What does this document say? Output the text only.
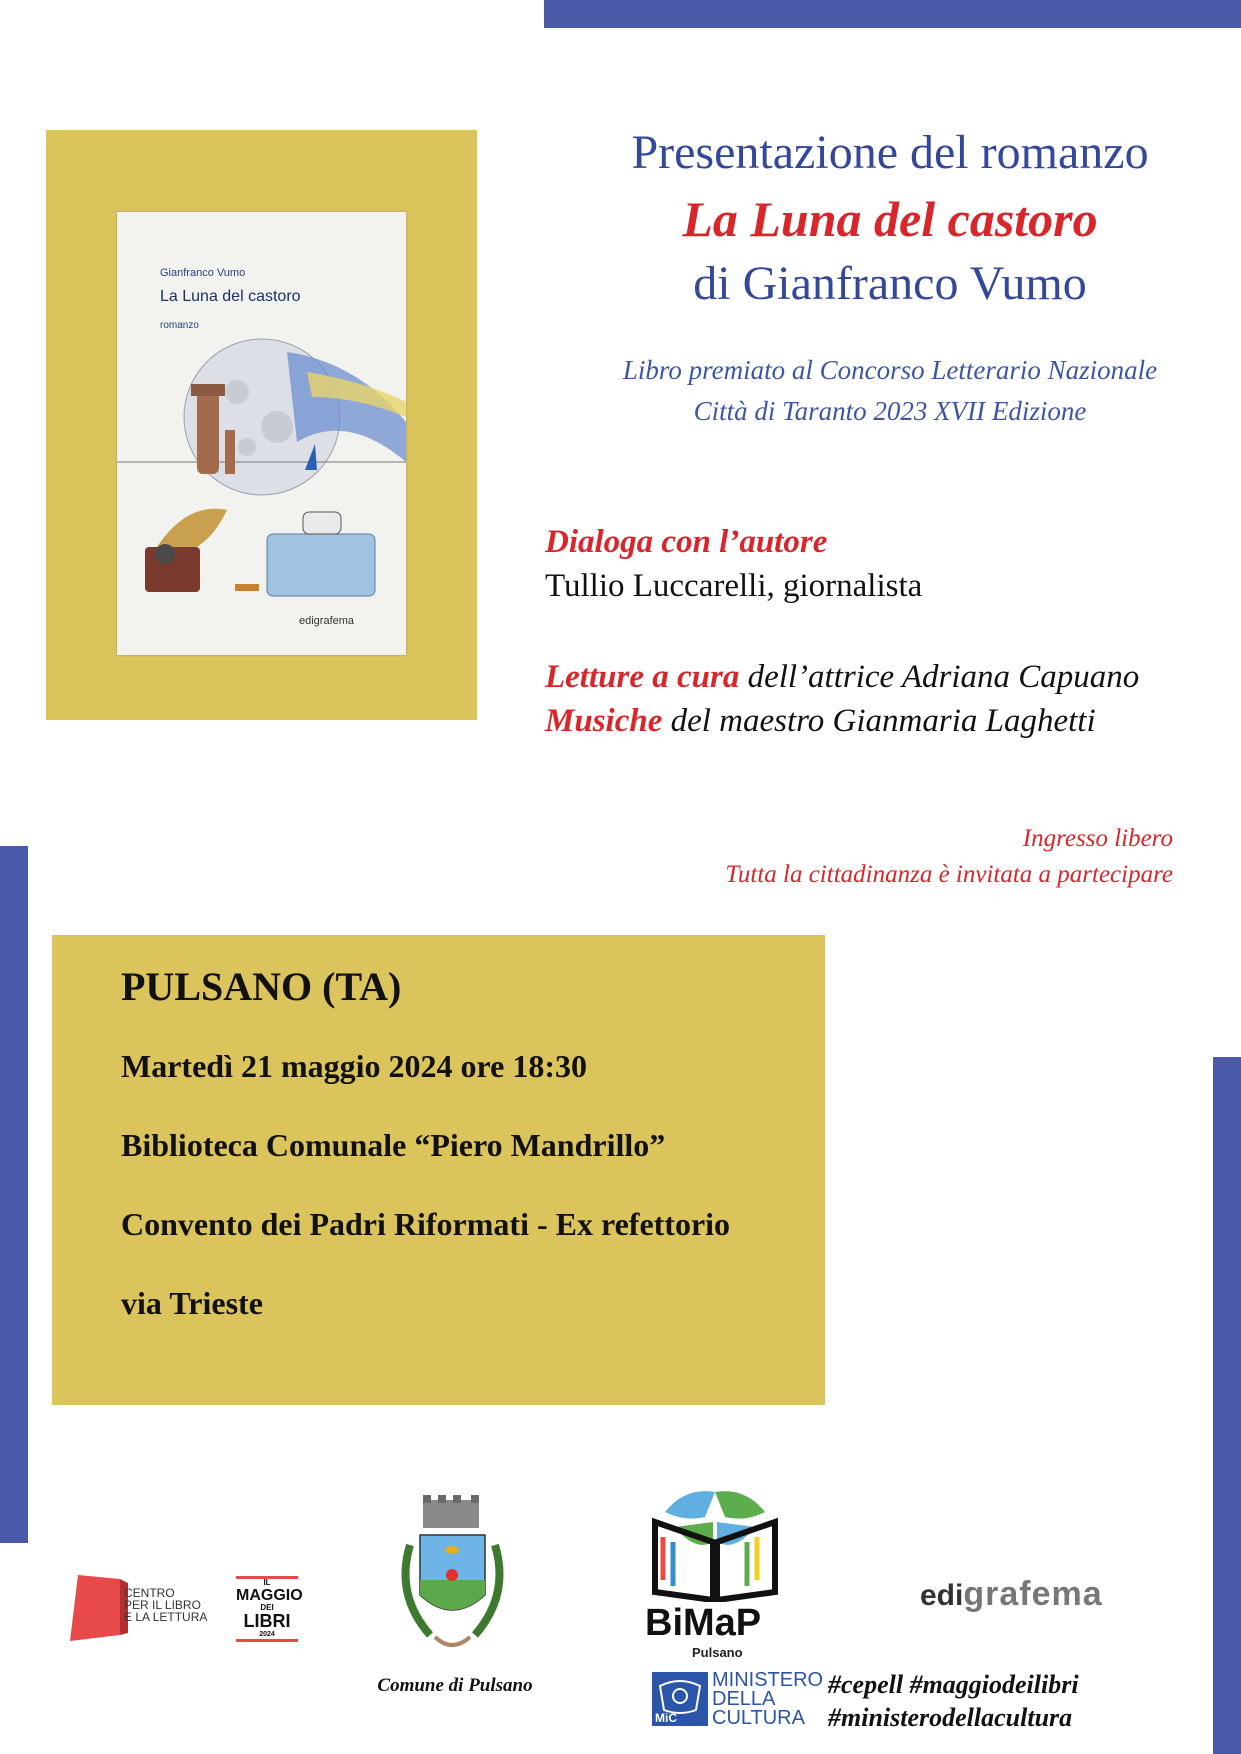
Gianfranco Vumo
La Luna del castoro
romanzo
edigrafema
Presentazione del romanzo
La Luna del castoro
di Gianfranco Vumo
Libro premiato al Concorso Letterario Nazionale
Città di Taranto 2023 XVII Edizione
Dialoga con l’autore
Tullio Luccarelli, giornalista
Letture a cura dell’attrice Adriana Capuano
Musiche del maestro Gianmaria Laghetti
Ingresso libero
Tutta la cittadinanza è invitata a partecipare
PULSANO (TA)
Martedì 21 maggio 2024 ore 18:30
Biblioteca Comunale “Piero Mandrillo”
Convento dei Padri Riformati - Ex refettorio
via Trieste
CENTRO
PER IL LIBRO
E LA LETTURA
IL
MAGGIO
DEI
LIBRI
2024
Comune di Pulsano
BiMaP
Pulsano
MiC
MINISTERO
DELLA
CULTURA
#cepell #maggiodeilibri
#ministerodellacultura
edigrafema
